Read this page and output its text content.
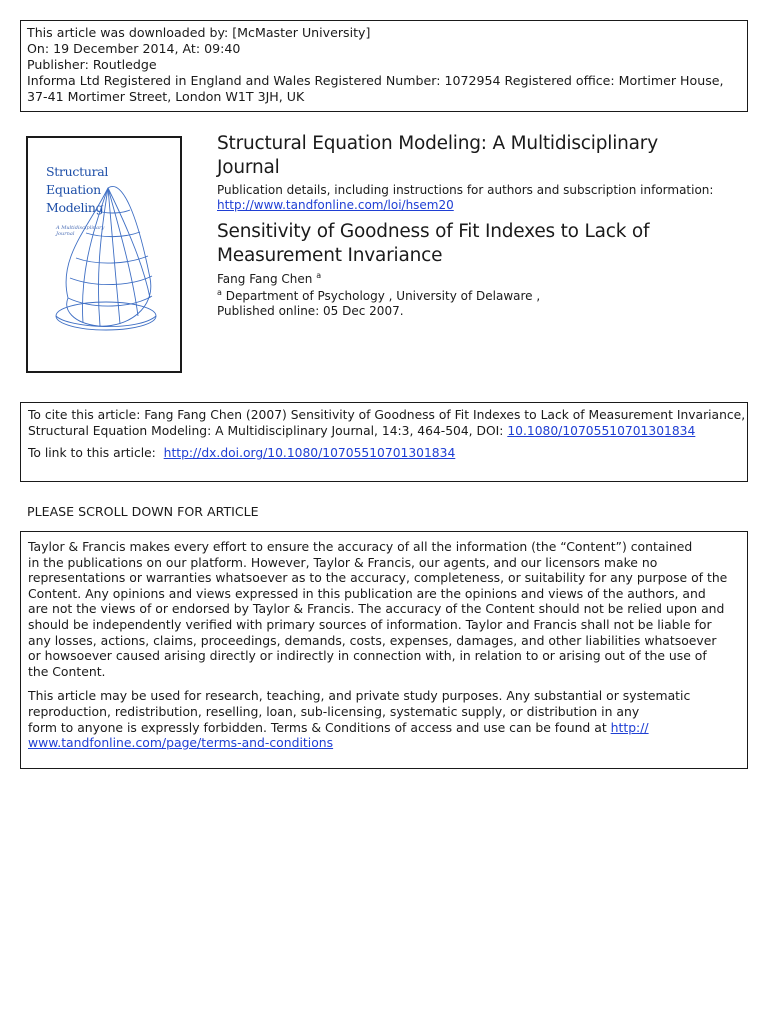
This article was downloaded by: [McMaster University]
On: 19 December 2014, At: 09:40
Publisher: Routledge
Informa Ltd Registered in England and Wales Registered Number: 1072954 Registered office: Mortimer House,
37-41 Mortimer Street, London W1T 3JH, UK
Structural
Equation
Modeling
A Multidisciplinary
Journal
Structural Equation Modeling: A Multidisciplinary
Journal
Publication details, including instructions for authors and subscription information:
http://www.tandfonline.com/loi/hsem20
Sensitivity of Goodness of Fit Indexes to Lack of
Measurement Invariance
Fang Fang Chen $^a$
$^a$ Department of Psychology , University of Delaware ,
Published online: 05 Dec 2007.
To cite this article: Fang Fang Chen (2007) Sensitivity of Goodness of Fit Indexes to Lack of Measurement Invariance,
Structural Equation Modeling: A Multidisciplinary Journal, 14:3, 464-504, DOI: 10.1080/10705510701301834
To link to this article:  http://dx.doi.org/10.1080/10705510701301834
PLEASE SCROLL DOWN FOR ARTICLE
Taylor & Francis makes every effort to ensure the accuracy of all the information (the “Content”) contained
in the publications on our platform. However, Taylor & Francis, our agents, and our licensors make no
representations or warranties whatsoever as to the accuracy, completeness, or suitability for any purpose of the
Content. Any opinions and views expressed in this publication are the opinions and views of the authors, and
are not the views of or endorsed by Taylor & Francis. The accuracy of the Content should not be relied upon and
should be independently verified with primary sources of information. Taylor and Francis shall not be liable for
any losses, actions, claims, proceedings, demands, costs, expenses, damages, and other liabilities whatsoever
or howsoever caused arising directly or indirectly in connection with, in relation to or arising out of the use of
the Content.
This article may be used for research, teaching, and private study purposes. Any substantial or systematic
reproduction, redistribution, reselling, loan, sub-licensing, systematic supply, or distribution in any
form to anyone is expressly forbidden. Terms & Conditions of access and use can be found at http://
www.tandfonline.com/page/terms-and-conditions
